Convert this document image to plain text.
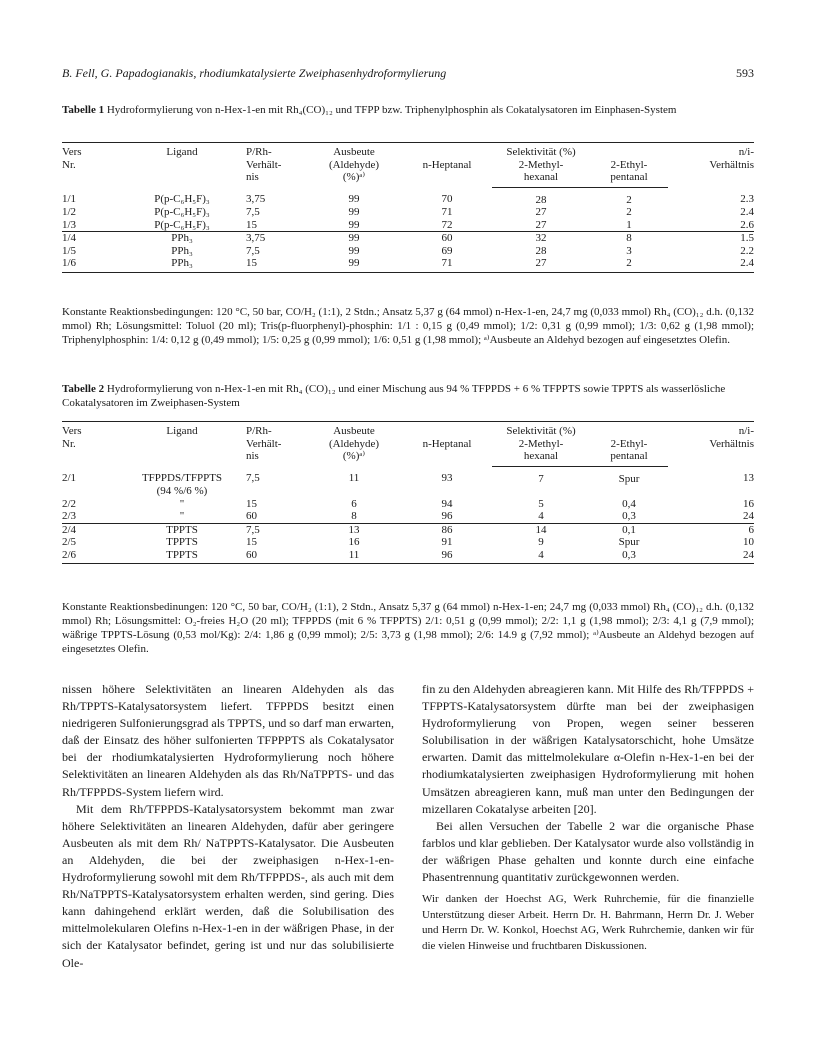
B. Fell, G. Papadogianakis, rhodiumkatalysierte Zweiphasenhydroformylierung	593
Tabelle 1 Hydroformylierung von n-Hex-1-en mit Rh₄(CO)₁₂ und TFPP bzw. Triphenylphosphin als Cokatalysatoren im Einphasen-System
Vers
Nr.	Ligand	P/Rh-
Verhält-
nis	Ausbeute
(Aldehyde)
(%)ᵃ⁾	n-Heptanal	Selektivität (%)		n/i-
Verhältnis
					2-Methyl-
hexanal	2-Ethyl-
pentanal	
1/1	P(p-C₆H₅F)₃	3,75	99	70	28	2	2.3
1/2	P(p-C₆H₅F)₃	7,5	99	71	27	2	2.4
1/3	P(p-C₆H₅F)₃	15	99	72	27	1	2.6
1/4	PPh₃	3,75	99	60	32	8	1.5
1/5	PPh₃	7,5	99	69	28	3	2.2
1/6	PPh₃	15	99	71	27	2	2.4
Konstante Reaktionsbedingungen: 120 °C, 50 bar, CO/H₂ (1:1), 2 Stdn.; Ansatz 5,37 g (64 mmol) n-Hex-1-en, 24,7 mg (0,033 mmol) Rh₄ (CO)₁₂ d.h. (0,132 mmol) Rh; Lösungsmittel: Toluol (20 ml); Tris(p-fluorphenyl)-phosphin: 1/1 : 0,15 g (0,49 mmol); 1/2: 0,31 g (0,99 mmol); 1/3: 0,62 g (1,98 mmol); Triphenylphosphin: 1/4: 0,12 g (0,49 mmol); 1/5: 0,25 g (0,99 mmol); 1/6: 0,51 g (1,98 mmol); ᵃ⁾Ausbeute an Aldehyd bezogen auf eingesetztes Olefin.
Tabelle 2 Hydroformylierung von n-Hex-1-en mit Rh₄ (CO)₁₂ und einer Mischung aus 94 % TFPPDS + 6 % TFPPTS sowie TPPTS als wasserlösliche Cokatalysatoren im Zweiphasen-System
Vers
Nr.	Ligand	P/Rh-
Verhält-
nis	Ausbeute
(Aldehyde)
(%)ᵃ⁾	n-Heptanal	Selektivität (%)		n/i-
Verhältnis
					2-Methyl-
hexanal	2-Ethyl-
pentanal	
2/1	TFPPDS/TFPPTS	7,5	11	93	7	Spur	13
	(94 %/6 %)						
2/2	"	15	6	94	5	0,4	16
2/3	"	60	8	96	4	0,3	24
2/4	TPPTS	7,5	13	86	14	0,1	6
2/5	TPPTS	15	16	91	9	Spur	10
2/6	TPPTS	60	11	96	4	0,3	24
Konstante Reaktionsbedinungen: 120 °C, 50 bar, CO/H₂ (1:1), 2 Stdn., Ansatz 5,37 g (64 mmol) n-Hex-1-en; 24,7 mg (0,033 mmol) Rh₄ (CO)₁₂ d.h. (0,132 mmol) Rh; Lösungsmittel: O₂-freies H₂O (20 ml); TFPPDS (mit 6 % TFPPTS) 2/1: 0,51 g (0,99 mmol); 2/2: 1,1 g (1,98 mmol); 2/3: 4,1 g (7,9 mmol); wäßrige TPPTS-Lösung (0,53 mol/Kg): 2/4: 1,86 g (0,99 mmol); 2/5: 3,73 g (1,98 mmol); 2/6: 14.9 g (7,92 mmol); ᵃ⁾Ausbeute an Aldehyd bezogen auf eingesetztes Olefin.

nissen höhere Selektivitäten an linearen Aldehyden als das Rh/TPPTS-Katalysatorsystem liefert. TFPPDS besitzt einen niedrigeren Sulfonierungsgrad als TPPTS, und so darf man erwarten, daß der Einsatz des höher sulfonierten TFPPPTS als Cokatalysator bei der rhodiumkatalysierten Hydroformylierung noch höhere Selektivitäten an linearen Aldehyden als das Rh/NaTPPTS- und das Rh/TFPPDS-System liefern wird.

Mit dem Rh/TFPPDS-Katalysatorsystem bekommt man zwar höhere Selektivitäten an linearen Aldehyden, dafür aber geringere Ausbeuten als mit dem Rh/ NaTPPTS-Katalysator. Die Ausbeuten an Aldehyden, die bei der zweiphasigen n-Hex-1-en-Hydroformylierung sowohl mit dem Rh/TFPPDS-, als auch mit dem Rh/NaTPPTS-Katalysatorsystem erhalten werden, sind gering. Dies kann dahingehend erklärt werden, daß die Solubilisation des mittelmolekularen Olefins n-Hex-1-en in der wäßrigen Phase, in der sich der Katalysator befindet, gering ist und nur das solubilisierte Ole-

fin zu den Aldehyden abreagieren kann. Mit Hilfe des Rh/TFPPDS + TFPPTS-Katalysatorsystem dürfte man bei der zweiphasigen Hydroformylierung von Propen, wegen seiner besseren Solubilisation in der wäßrigen Katalysatorschicht, hohe Umsätze erwarten. Damit das mittelmolekulare α-Olefin n-Hex-1-en bei der rhodiumkatalysierten zweiphasigen Hydroformylierung mit hohen Umsätzen abreagieren kann, muß man unter den Bedingungen der mizellaren Cokatalyse arbeiten [20].

Bei allen Versuchen der Tabelle 2 war die organische Phase farblos und klar geblieben. Der Katalysator wurde also vollständig in der wäßrigen Phase gehalten und konnte durch eine einfache Phasentrennung quantitativ zurückgewonnen werden.

Wir danken der Hoechst AG, Werk Ruhrchemie, für die finanzielle Unterstützung dieser Arbeit. Herrn Dr. H. Bahrmann, Herrn Dr. J. Weber und Herrn Dr. W. Konkol, Hoechst AG, Werk Ruhrchemie, danken wir für die vielen Hinweise und fruchtbaren Diskussionen.
